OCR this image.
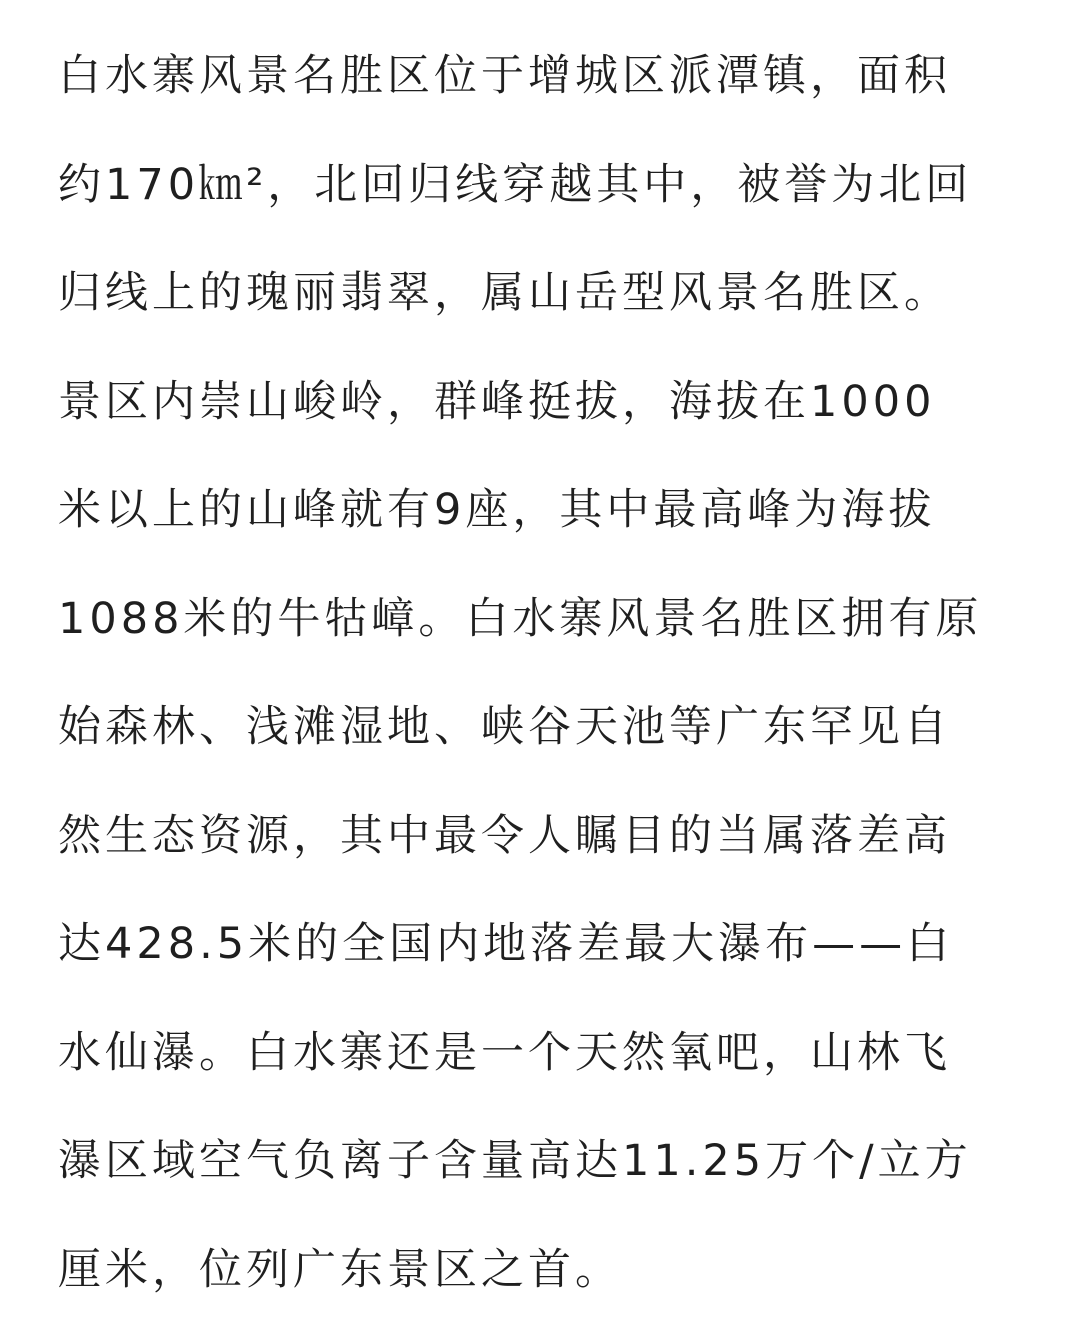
白水寨风景名胜区位于增城区派潭镇，面积
约170㎞²，北回归线穿越其中，被誉为北回
归线上的瑰丽翡翠，属山岳型风景名胜区。
景区内崇山峻岭，群峰挺拔，海拔在1000
米以上的山峰就有9座，其中最高峰为海拔
1088米的牛牯嶂。白水寨风景名胜区拥有原
始森林、浅滩湿地、峡谷天池等广东罕见自
然生态资源，其中最令人瞩目的当属落差高
达428.5米的全国内地落差最大瀑布——白
水仙瀑。白水寨还是一个天然氧吧，山林飞
瀑区域空气负离子含量高达11.25万个/立方
厘米，位列广东景区之首。
